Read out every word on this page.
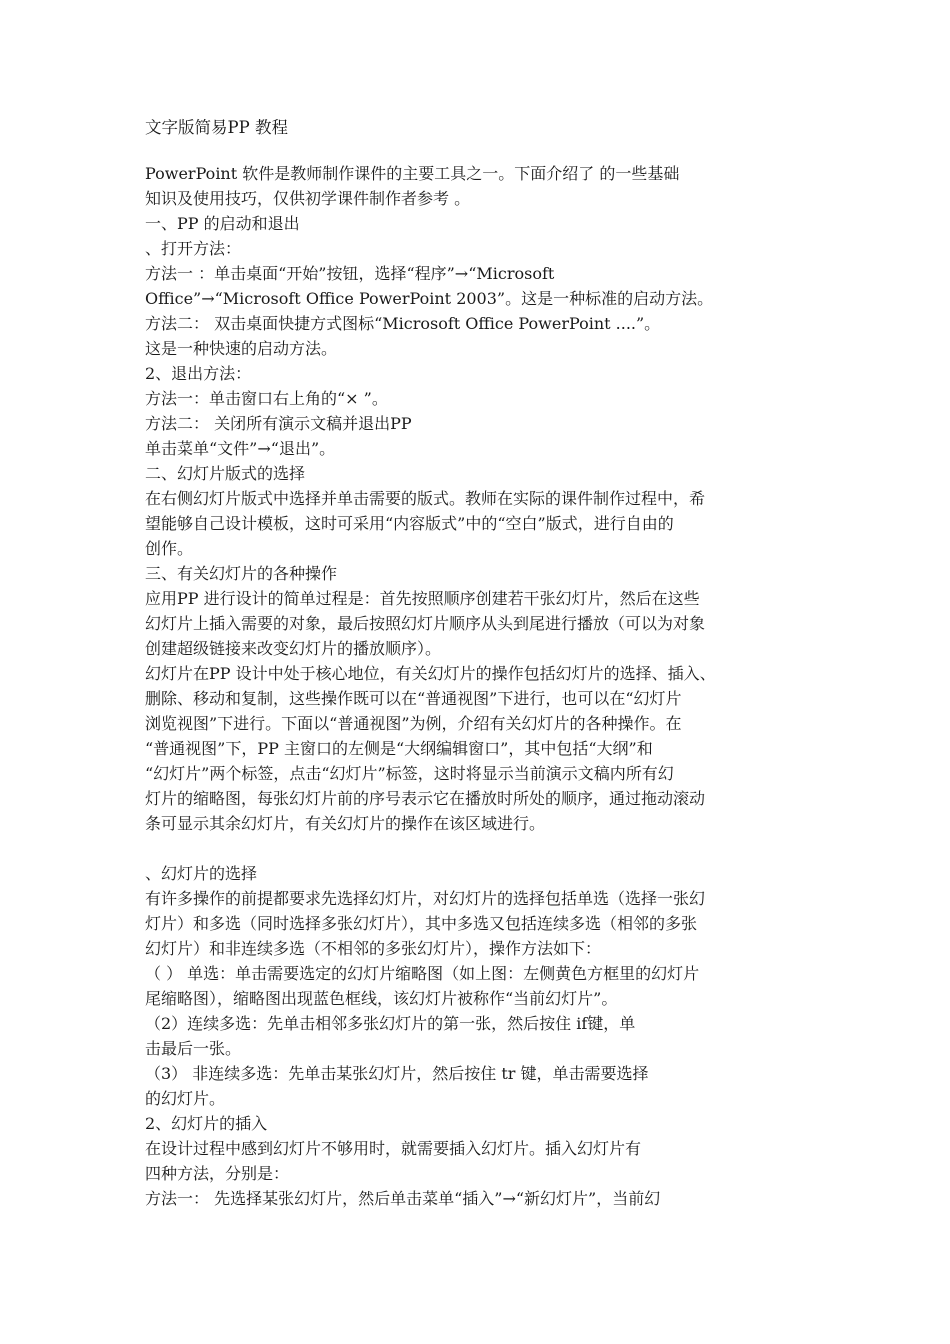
文字版简易PP 教程
PowerPoint 软件是教师制作课件的主要工具之一。下面介绍了 的一些基础
知识及使用技巧，仅供初学课件制作者参考 。
一、PP 的启动和退出
、打开方法：
方法一 ：单击桌面“开始”按钮，选择“程序”→“Microsoft
Office”→“Microsoft Office PowerPoint 2003”。这是一种标准的启动方法。
方法二： 双击桌面快捷方式图标“Microsoft Office PowerPoint ....”。
这是一种快速的启动方法。
2、退出方法：
方法一：单击窗口右上角的“× ”。
方法二： 关闭所有演示文稿并退出PP
单击菜单“文件”→“退出”。
二、幻灯片版式的选择
在右侧幻灯片版式中选择并单击需要的版式。教师在实际的课件制作过程中，希
望能够自己设计模板，这时可采用“内容版式”中的“空白”版式，进行自由的
创作。
三、有关幻灯片的各种操作
应用PP 进行设计的简单过程是：首先按照顺序创建若干张幻灯片，然后在这些
幻灯片上插入需要的对象，最后按照幻灯片顺序从头到尾进行播放（可以为对象
创建超级链接来改变幻灯片的播放顺序）。
幻灯片在PP 设计中处于核心地位，有关幻灯片的操作包括幻灯片的选择、插入、
删除、移动和复制，这些操作既可以在“普通视图”下进行，也可以在“幻灯片
浏览视图”下进行。下面以“普通视图”为例，介绍有关幻灯片的各种操作。在
“普通视图”下，PP 主窗口的左侧是“大纲编辑窗口”，其中包括“大纲”和
“幻灯片”两个标签，点击“幻灯片”标签，这时将显示当前演示文稿内所有幻
灯片的缩略图，每张幻灯片前的序号表示它在播放时所处的顺序，通过拖动滚动
条可显示其余幻灯片，有关幻灯片的操作在该区域进行。
、幻灯片的选择
有许多操作的前提都要求先选择幻灯片，对幻灯片的选择包括单选（选择一张幻
灯片）和多选（同时选择多张幻灯片），其中多选又包括连续多选（相邻的多张
幻灯片）和非连续多选（不相邻的多张幻灯片），操作方法如下：
（ ） 单选：单击需要选定的幻灯片缩略图（如上图：左侧黄色方框里的幻灯片
尾缩略图），缩略图出现蓝色框线，该幻灯片被称作“当前幻灯片”。
（2）连续多选：先单击相邻多张幻灯片的第一张，然后按住 if键，单
击最后一张。
（3） 非连续多选：先单击某张幻灯片，然后按住 tr 键，单击需要选择
的幻灯片。
2、幻灯片的插入
在设计过程中感到幻灯片不够用时，就需要插入幻灯片。插入幻灯片有
四种方法，分别是：
方法一： 先选择某张幻灯片，然后单击菜单“插入”→“新幻灯片”，当前幻
